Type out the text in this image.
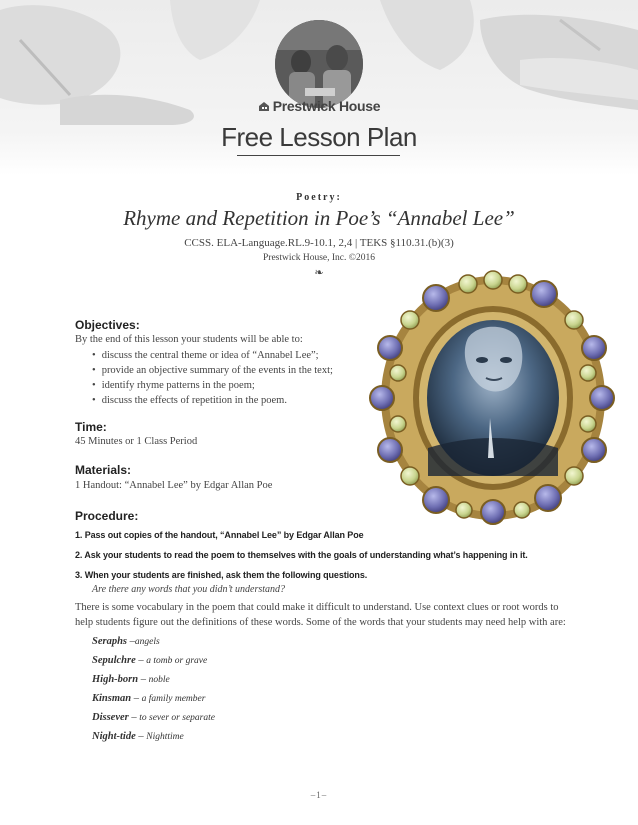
Prestwick House
Free Lesson Plan
Poetry:
Rhyme and Repetition in Poe’s “Annabel Lee”
CCSS. ELA-Language.RL.9-10.1, 2,4 | TEKS §110.31.(b)(3)
Prestwick House, Inc. ©2016
❧
Objectives:

By the end of this lesson your students will be able to:

• discuss the central theme or idea of “Annabel Lee”;
• provide an objective summary of the events in the text;
• identify rhyme patterns in the poem;
• discuss the effects of repetition in the poem.
Time:

45 Minutes or 1 Class Period

Materials:

1 Handout: “Annabel Lee” by Edgar Allan Poe

Procedure:
1. Pass out copies of the handout, “Annabel Lee” by Edgar Allan Poe
2. Ask your students to read the poem to themselves with the goals of understanding what’s happening in it.
3. When your students are finished, ask them the following questions.
Are there any words that you didn’t understand?

There is some vocabulary in the poem that could make it difficult to understand. Use context clues or root words to help students figure out the definitions of these words. Some of the words that your students may need help with are:

Seraphs –angels
Sepulchre – a tomb or grave
High-born – noble
Kinsman – a family member
Dissever – to sever or separate
Night-tide – Nighttime
–1–
